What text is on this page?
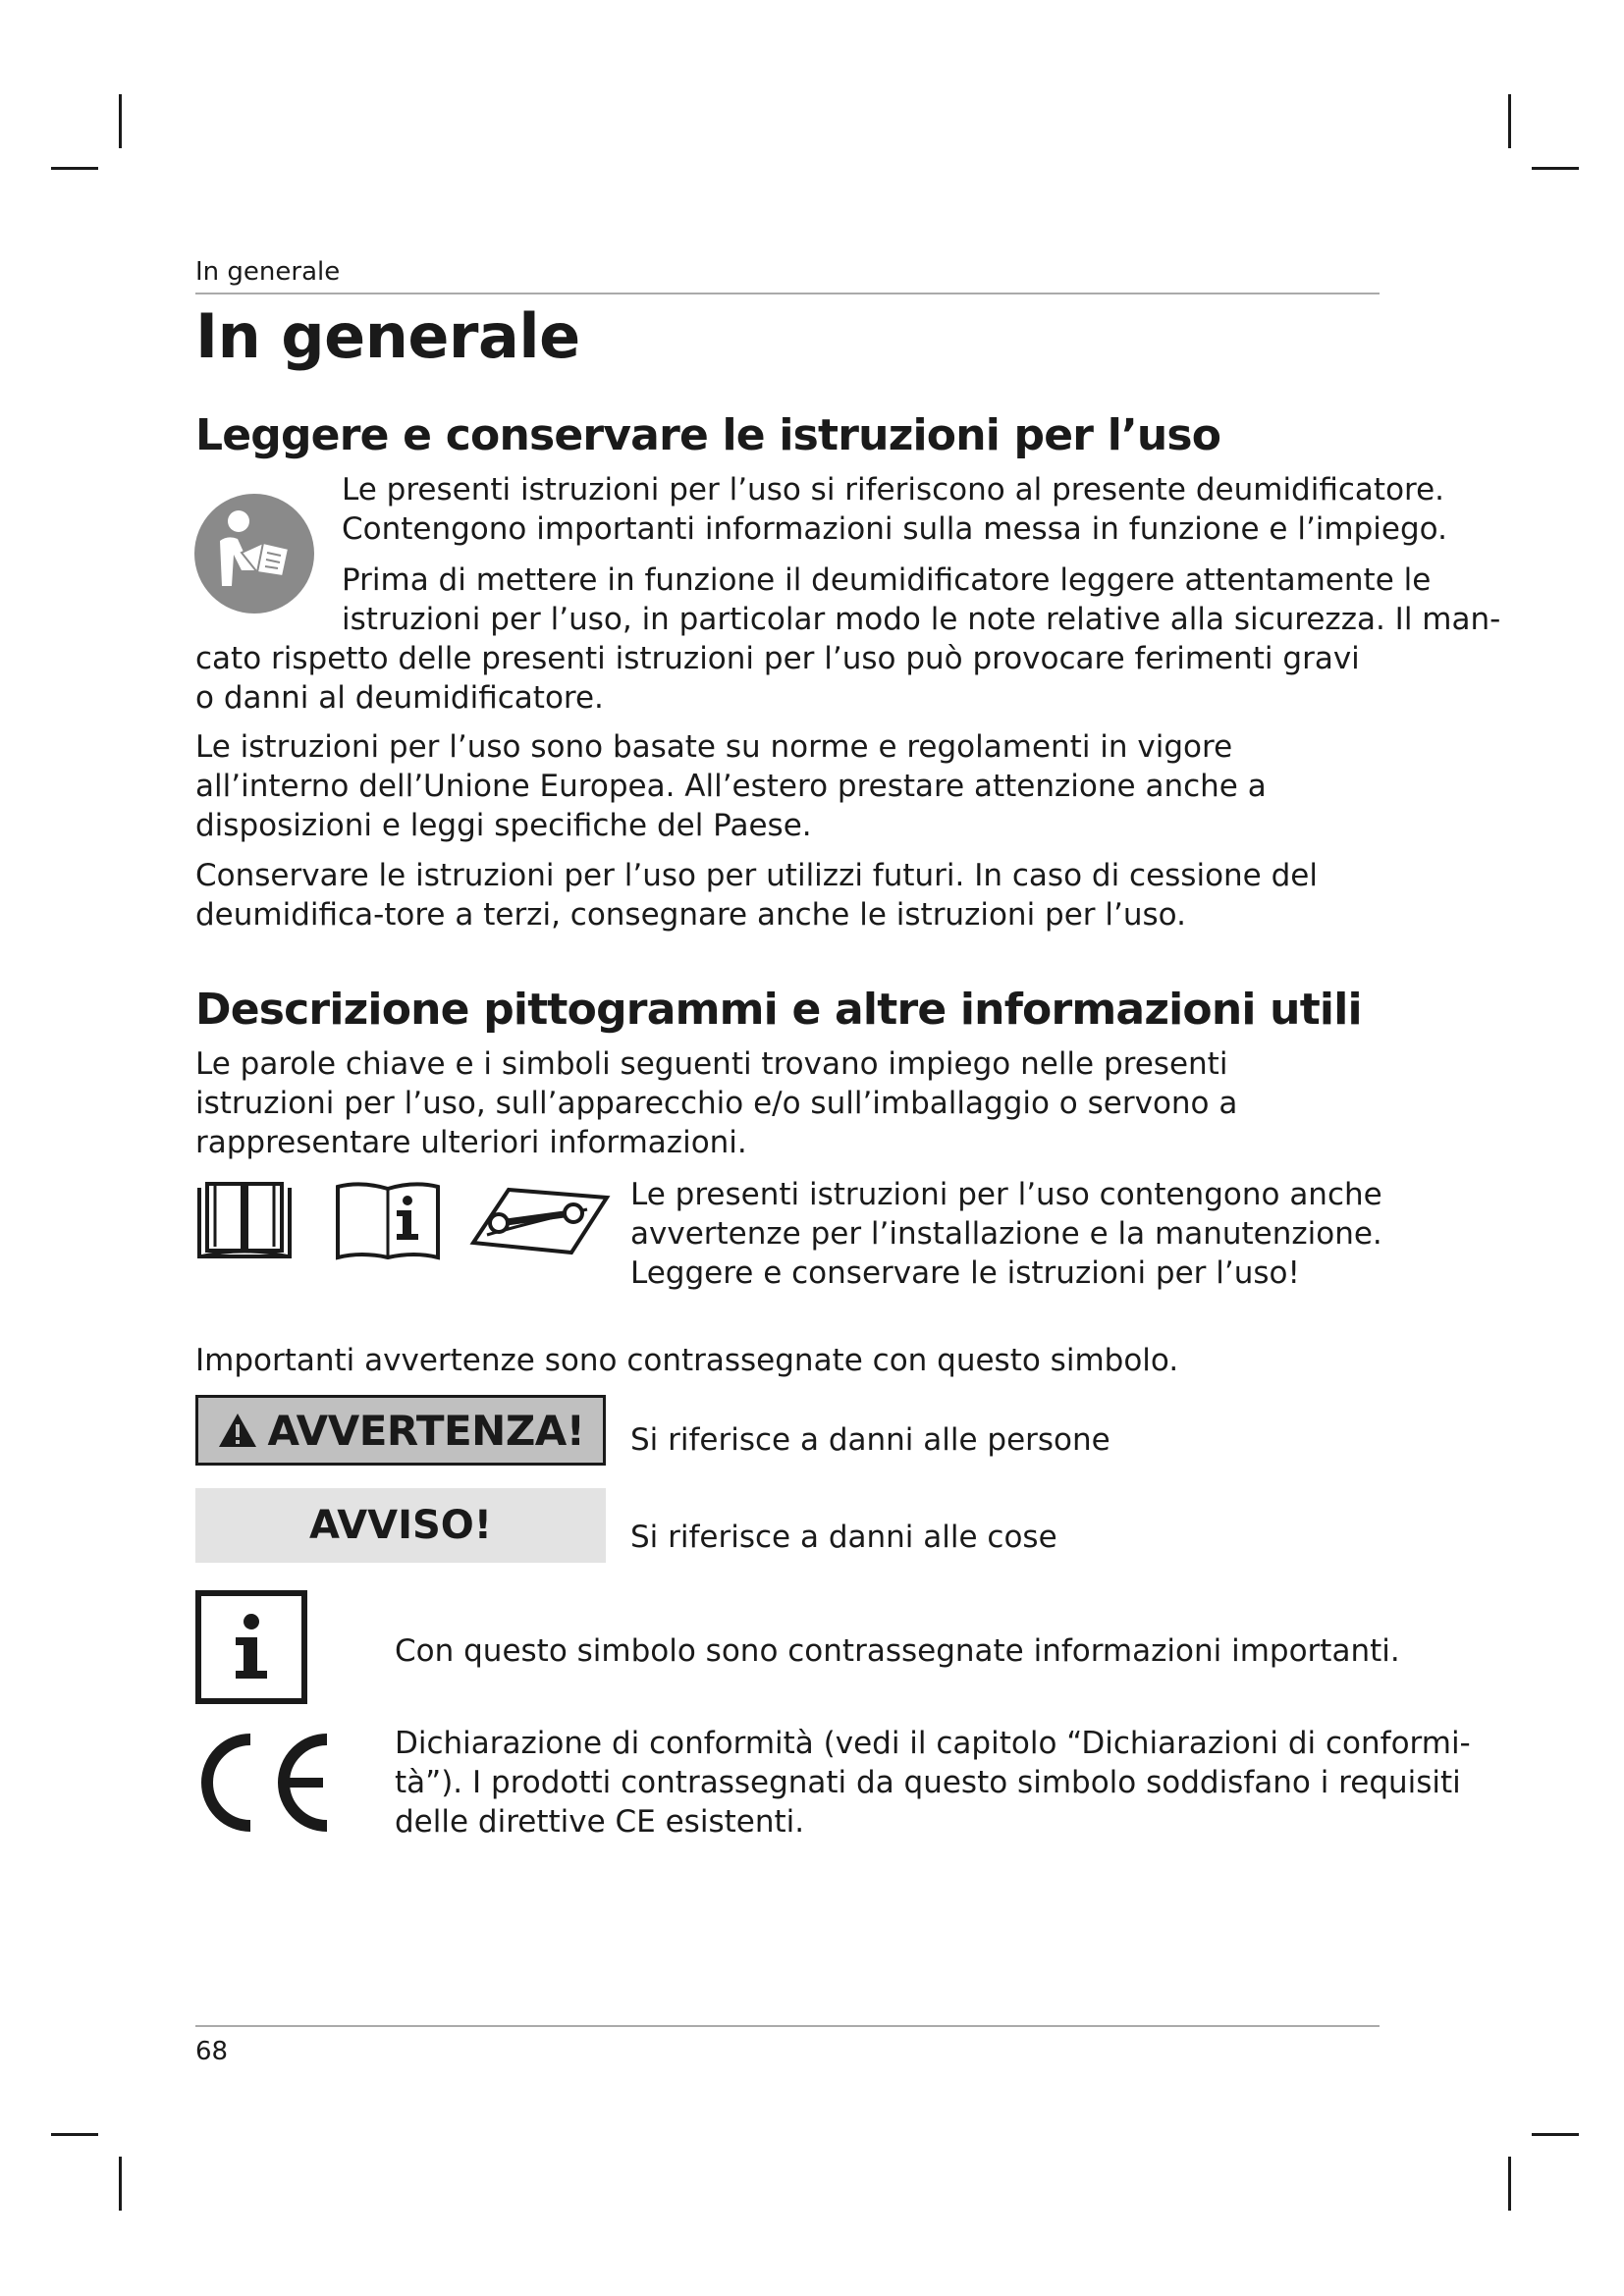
In generale
In generale
Leggere e conservare le istruzioni per l’uso
Le presenti istruzioni per l’uso si riferiscono al presente deumidificatore.
Contengono importanti informazioni sulla messa in funzione e l’impiego.
Prima di mettere in funzione il deumidificatore leggere attentamente le
istruzioni per l’uso, in particolar modo le note relative alla sicurezza. Il man-

cato rispetto delle presenti istruzioni per l’uso può provocare ferimenti gravi o danni al deumidificatore.

Le istruzioni per l’uso sono basate su norme e regolamenti in vigore all’interno dell’Unione Europea. All’estero prestare attenzione anche a disposizioni e leggi specifiche del Paese.

Conservare le istruzioni per l’uso per utilizzi futuri. In caso di cessione del deumidifica-tore a terzi, consegnare anche le istruzioni per l’uso.

Descrizione pittogrammi e altre informazioni utili

Le parole chiave e i simboli seguenti trovano impiego nelle presenti istruzioni per l’uso, sull’apparecchio e/o sull’imballaggio o servono a rappresentare ulteriori informazioni.

Le presenti istruzioni per l’uso contengono anche
avvertenze per l’installazione e la manutenzione.
Leggere e conservare le istruzioni per l’uso!
Importanti avvertenze sono contrassegnate con questo simbolo.
AVVERTENZA! Si riferisce a danni alle persone
AVVISO!	Si riferisce a danni alle cose
Con questo simbolo sono contrassegnate informazioni importanti.
Dichiarazione di conformità (vedi il capitolo “Dichiarazioni di conformi-
tà”). I prodotti contrassegnati da questo simbolo soddisfano i requisiti
delle direttive CE esistenti.
68
